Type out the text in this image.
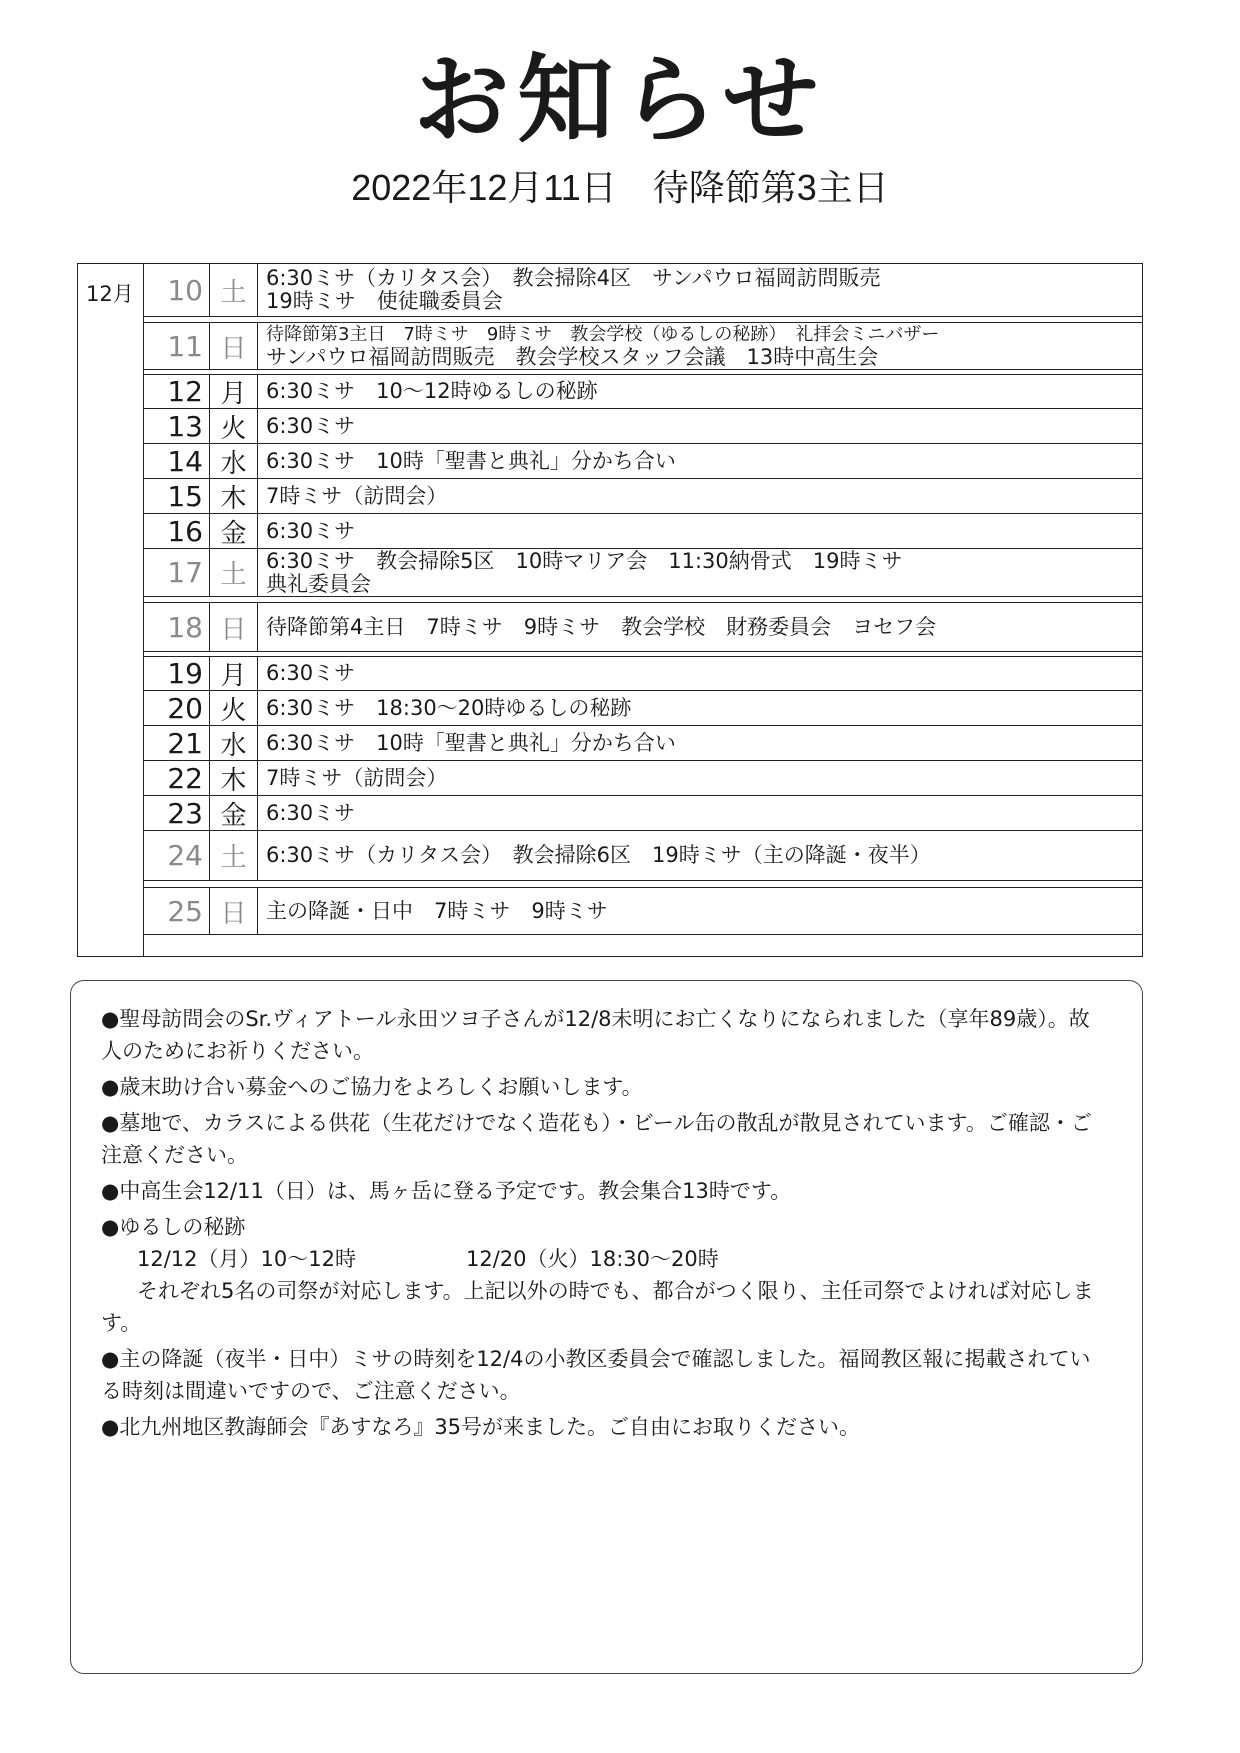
お知らせ
2022年12月11日　待降節第3主日
12月	10 土 6:30ミサ（カリタス会）　教会掃除4区　サンパウロ福岡訪問販売
19時ミサ　使徒職委員会
11 日	待降節第3主日　7時ミサ　9時ミサ　教会学校（ゆるしの秘跡）　礼拝会ミニバザー
サンパウロ福岡訪問販売　教会学校スタッフ会議　13時中高生会
12 月 6:30ミサ　10～12時ゆるしの秘跡
13 火 6:30ミサ
14 水 6:30ミサ　10時「聖書と典礼」分かち合い
15 木 7時ミサ（訪問会）
16 金 6:30ミサ
17 土 6:30ミサ　教会掃除5区　10時マリア会　11:30納骨式　19時ミサ
典礼委員会
18 日 待降節第4主日　7時ミサ　9時ミサ　教会学校　財務委員会　ヨセフ会
19 月 6:30ミサ
20 火 6:30ミサ　18:30～20時ゆるしの秘跡
21 水 6:30ミサ　10時「聖書と典礼」分かち合い
22 木 7時ミサ（訪問会）
23 金 6:30ミサ
24 土 6:30ミサ（カリタス会）　教会掃除6区　19時ミサ（主の降誕・夜半）
25 日 主の降誕・日中　7時ミサ　9時ミサ

●聖母訪問会のSr.ヴィアトール永田ツヨ子さんが12/8未明にお亡くなりになられました（享年89歳）。故人のためにお祈りください。

●歳末助け合い募金へのご協力をよろしくお願いします。

●墓地で、カラスによる供花（生花だけでなく造花も）・ビール缶の散乱が散見されています。ご確認・ご注意ください。

●中高生会12/11（日）は、馬ヶ岳に登る予定です。教会集合13時です。

●ゆるしの秘跡

12/12（月）10～12時	12/20（火）18:30～20時

それぞれ5名の司祭が対応します。上記以外の時でも、都合がつく限り、主任司祭でよければ対応します。

●主の降誕（夜半・日中）ミサの時刻を12/4の小教区委員会で確認しました。福岡教区報に掲載されている時刻は間違いですので、ご注意ください。

●北九州地区教誨師会『あすなろ』35号が来ました。ご自由にお取りください。
